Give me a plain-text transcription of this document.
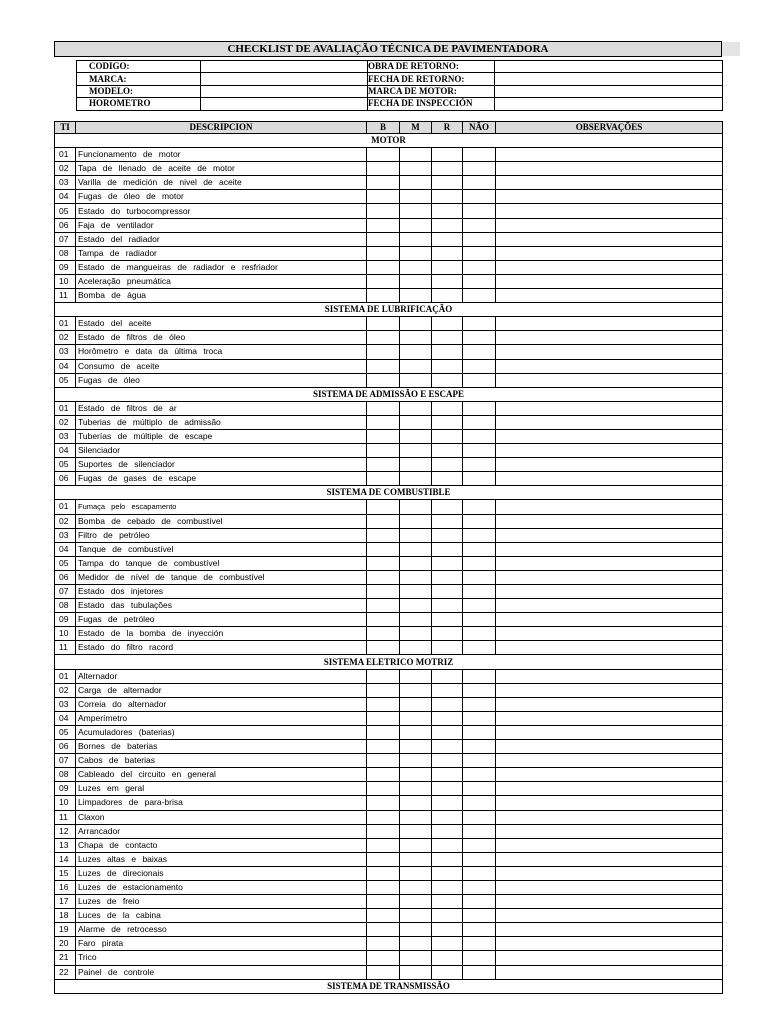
CHECKLIST DE AVALIAÇÃO TÉCNICA DE PAVIMENTADORA
CODIGO:		OBRA DE RETORNO:	
MARCA:		FECHA DE RETORNO:	
MODELO:		MARCA DE MOTOR:	
HOROMETRO		FECHA DE INSPECCIÓN	
TI	DESCRIPCION	B	M	R	NÃO	OBSERVAÇÕES
MOTOR						
01	Funcionamento de motor					
02	Tapa de llenado de aceite de motor					
03	Varilla de medición de nivel de aceite					
04	Fugas de óleo de motor					
05	Estado do turbocompressor					
06	Faja de ventilador					
07	Estado del radiador					
08	Tampa de radiador					
09	Estado de mangueiras de radiador e resfriador					
10	Aceleração pneumática					
11	Bomba de água					
SISTEMA DE LUBRIFICAÇÃO						
01	Estado del aceite					
02	Estado de filtros de óleo					
03	Horômetro e data da última troca					
04	Consumo de aceite					
05	Fugas de óleo					
SISTEMA DE ADMISSÃO E ESCAPE						
01	Estado de filtros de ar					
02	Tuberias de múltiplo de admissão					
03	Tuberías de múltiple de escape					
04	Silenciador					
05	Suportes de silenciador					
06	Fugas de gases de escape					
SISTEMA DE COMBUSTIBLE						
01	Fumaça pelo escapamento					
02	Bomba de cebado de combustível					
03	Filtro de petróleo					
04	Tanque de combustível					
05	Tampa do tanque de combustível					
06	Medidor de nível de tanque de combustível					
07	Estado dos injetores					
08	Estado das tubulações					
09	Fugas de petróleo					
10	Estado de la bomba de inyección					
11	Estado do filtro racord					
SISTEMA ELETRICO MOTRIZ						
01	Alternador					
02	Carga de alternador					
03	Correia do alternador					
04	Amperímetro					
05	Acumuladores (baterias)					
06	Bornes de baterias					
07	Cabos de baterias					
08	Cableado del circuito en general					
09	Luzes em geral					
10	Limpadores de para-brisa					
11	Claxon					
12	Arrancador					
13	Chapa de contacto					
14	Luzes altas e baixas					
15	Luzes de direcionais					
16	Luzes de estacionamento					
17	Luzes de freio					
18	Luces de la cabina					
19	Alarme de retrocesso					
20	Faro pirata					
21	Trico					
22	Painel de controle					
SISTEMA DE TRANSMISSÃO						
